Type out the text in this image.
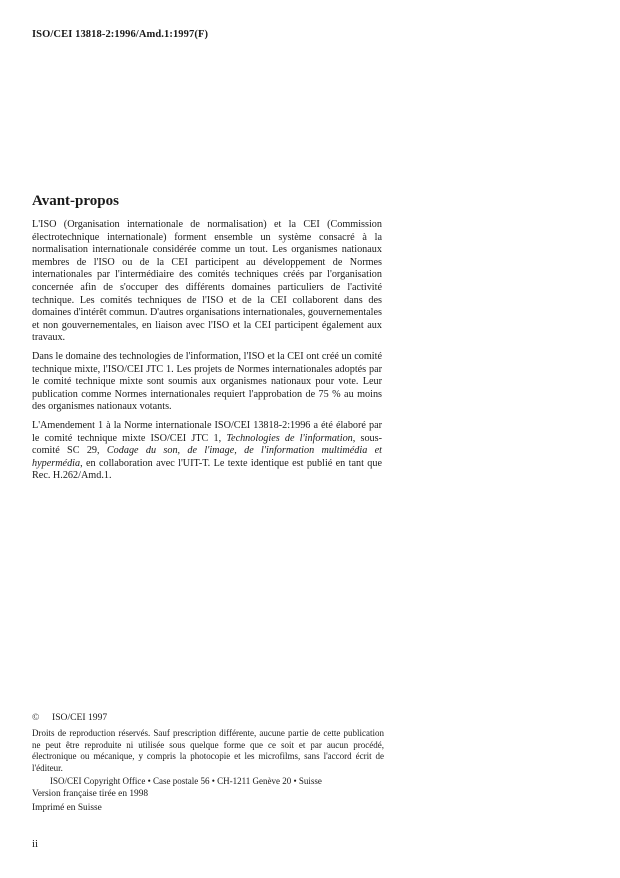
ISO/CEI 13818-2:1996/Amd.1:1997(F)
Avant-propos

L'ISO (Organisation internationale de normalisation) et la CEI (Commission électrotechnique internationale) forment ensemble un système consacré à la normalisation internationale considérée comme un tout. Les organismes nationaux membres de l'ISO ou de la CEI participent au développement de Normes internationales par l'intermédiaire des comités techniques créés par l'organisation concernée afin de s'occuper des différents domaines particuliers de l'activité technique. Les comités techniques de l'ISO et de la CEI collaborent dans des domaines d'intérêt commun. D'autres organisations internationales, gouvernementales et non gouvernementales, en liaison avec l'ISO et la CEI participent également aux travaux.

Dans le domaine des technologies de l'information, l'ISO et la CEI ont créé un comité technique mixte, l'ISO/CEI JTC 1. Les projets de Normes internationales adoptés par le comité technique mixte sont soumis aux organismes nationaux pour vote. Leur publication comme Normes internationales requiert l'approbation de 75 % au moins des organismes nationaux votants.

L'Amendement 1 à la Norme internationale ISO/CEI 13818-2:1996 a été élaboré par le comité technique mixte ISO/CEI JTC 1, Technologies de l'information, sous-comité SC 29, Codage du son, de l'image, de l'information multimédia et hypermédia, en collaboration avec l'UIT-T. Le texte identique est publié en tant que Rec. H.262/Amd.1.

© ISO/CEI 1997

Droits de reproduction réservés. Sauf prescription différente, aucune partie de cette publication ne peut être reproduite ni utilisée sous quelque forme que ce soit et par aucun procédé, électronique ou mécanique, y compris la photocopie et les microfilms, sans l'accord écrit de l'éditeur.

ISO/CEI Copyright Office • Case postale 56 • CH-1211 Genève 20 • Suisse

Version française tirée en 1998

Imprimé en Suisse

ii
